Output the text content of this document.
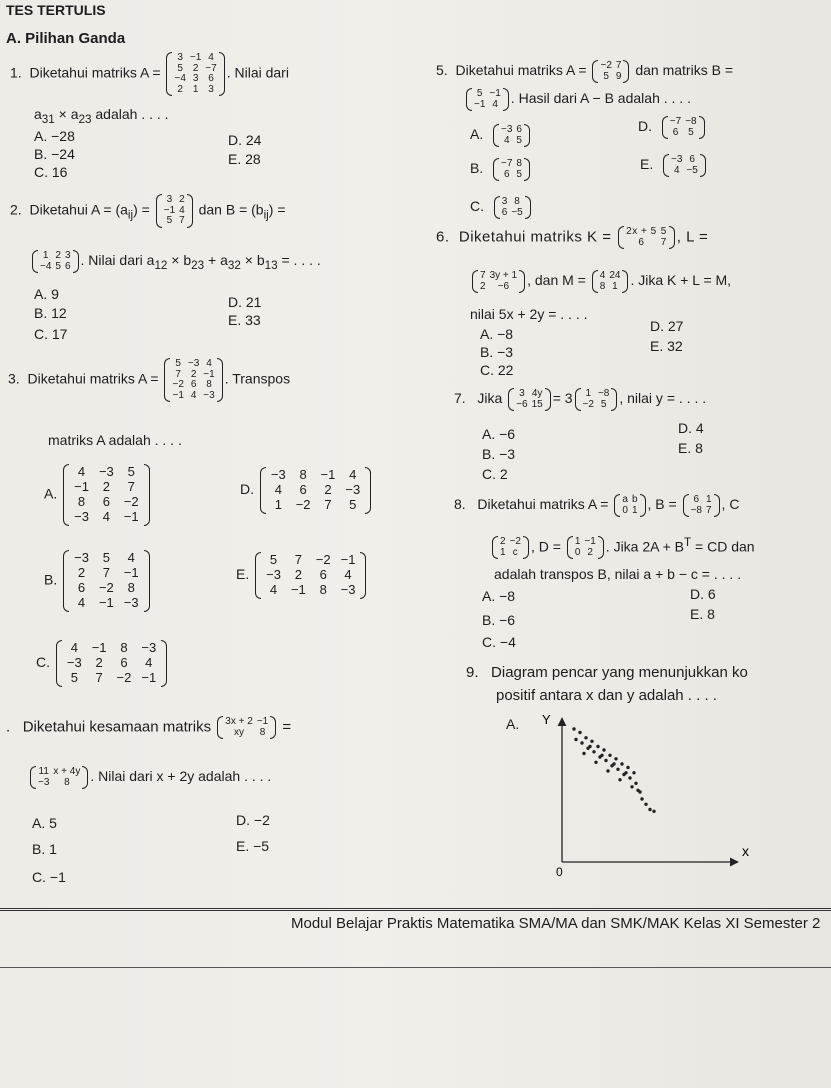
TES TERTULIS
A. Pilihan Ganda
1. Diketahui matriks A =
3	−1	4
5	2	−7
−4	3	6
2	1	3
. Nilai dari
$a_{31} \times a_{23}$ adalah . . . .
A. −28
B. −24
C. 16
D. 24
E. 28
2. Diketahui $A = (a_{ij})$ =
3	2
−1	4
5	7
dan $B = (b_{ij})$ =
1	2	3
−4	5	6 . Nilai dari $a_{12} \times b_{23} + a_{32} \times b_{13}$ = . . . .
A. 9
B. 12
C. 17
D. 21
E. 33
3. Diketahui matriks A =
5	−3	4
7	2	−1
−2	6	8
−1	4	−3
. Transpos
matriks A adalah . . . .
A.
4	−3	5
−1	2	7
8	6	−2
−3	4	−1
B.
−3	5	4
2	7	−1
6	−2	8
4	−1	−3
C.
4	−1	8	−3
−3	2	6	4
5	7	−2	−1
D.
−3	8	−1	4
4	6	2	−3
1	−2	7	5
E.
5	7	−2	−1
−3	2	6	4
4	−1	8	−3
. Diketahui kesamaan matriks 3x + 2	−1
xy	8 =
11	x + 4y
−3	8 . Nilai dari x + 2y adalah . . . .
A. 5
B. 1
C. −1
D. −2
E. −5
5. Diketahui matriks A = −2	7
5	9 dan matriks B =
5	−1
−1	4 . Hasil dari A − B adalah . . . .
A. −3	6
4	5
B. −7	8
6	5
C. 3	8
6	−5
D. −7	−8
6	5
E. −3	6
4	−5
6. Diketahui matriks K = 2x + 5	5
6	7 , L =
7	3y + 1
2	−6 , dan M = 4	24
8	1 . Jika K + L = M,
nilai 5x + 2y = . . . .
A. −8
B. −3
C. 22
D. 27
E. 32
7. Jika 3	4y
−6	15 = 3 1	−8
−2	5 , nilai y = . . . .
A. −6
B. −3
C. 2
D. 4
E. 8
8. Diketahui matriks A = a	b
0	1 , B = 6	1
−8	7 , C
2	−2
1	c , D = 1	−1
0	2 . Jika $2A + B^T$ = CD dan
adalah transpos B, nilai a + b − c = . . . .
A. −8
B. −6
C. −4
D. 6
E. 8
9. Diagram pencar yang menunjukkan ko
positif antara x dan y adalah . . . .
A. Y
x
0
Modul Belajar Praktis Matematika SMA/MA dan SMK/MAK Kelas XI Semester 2
